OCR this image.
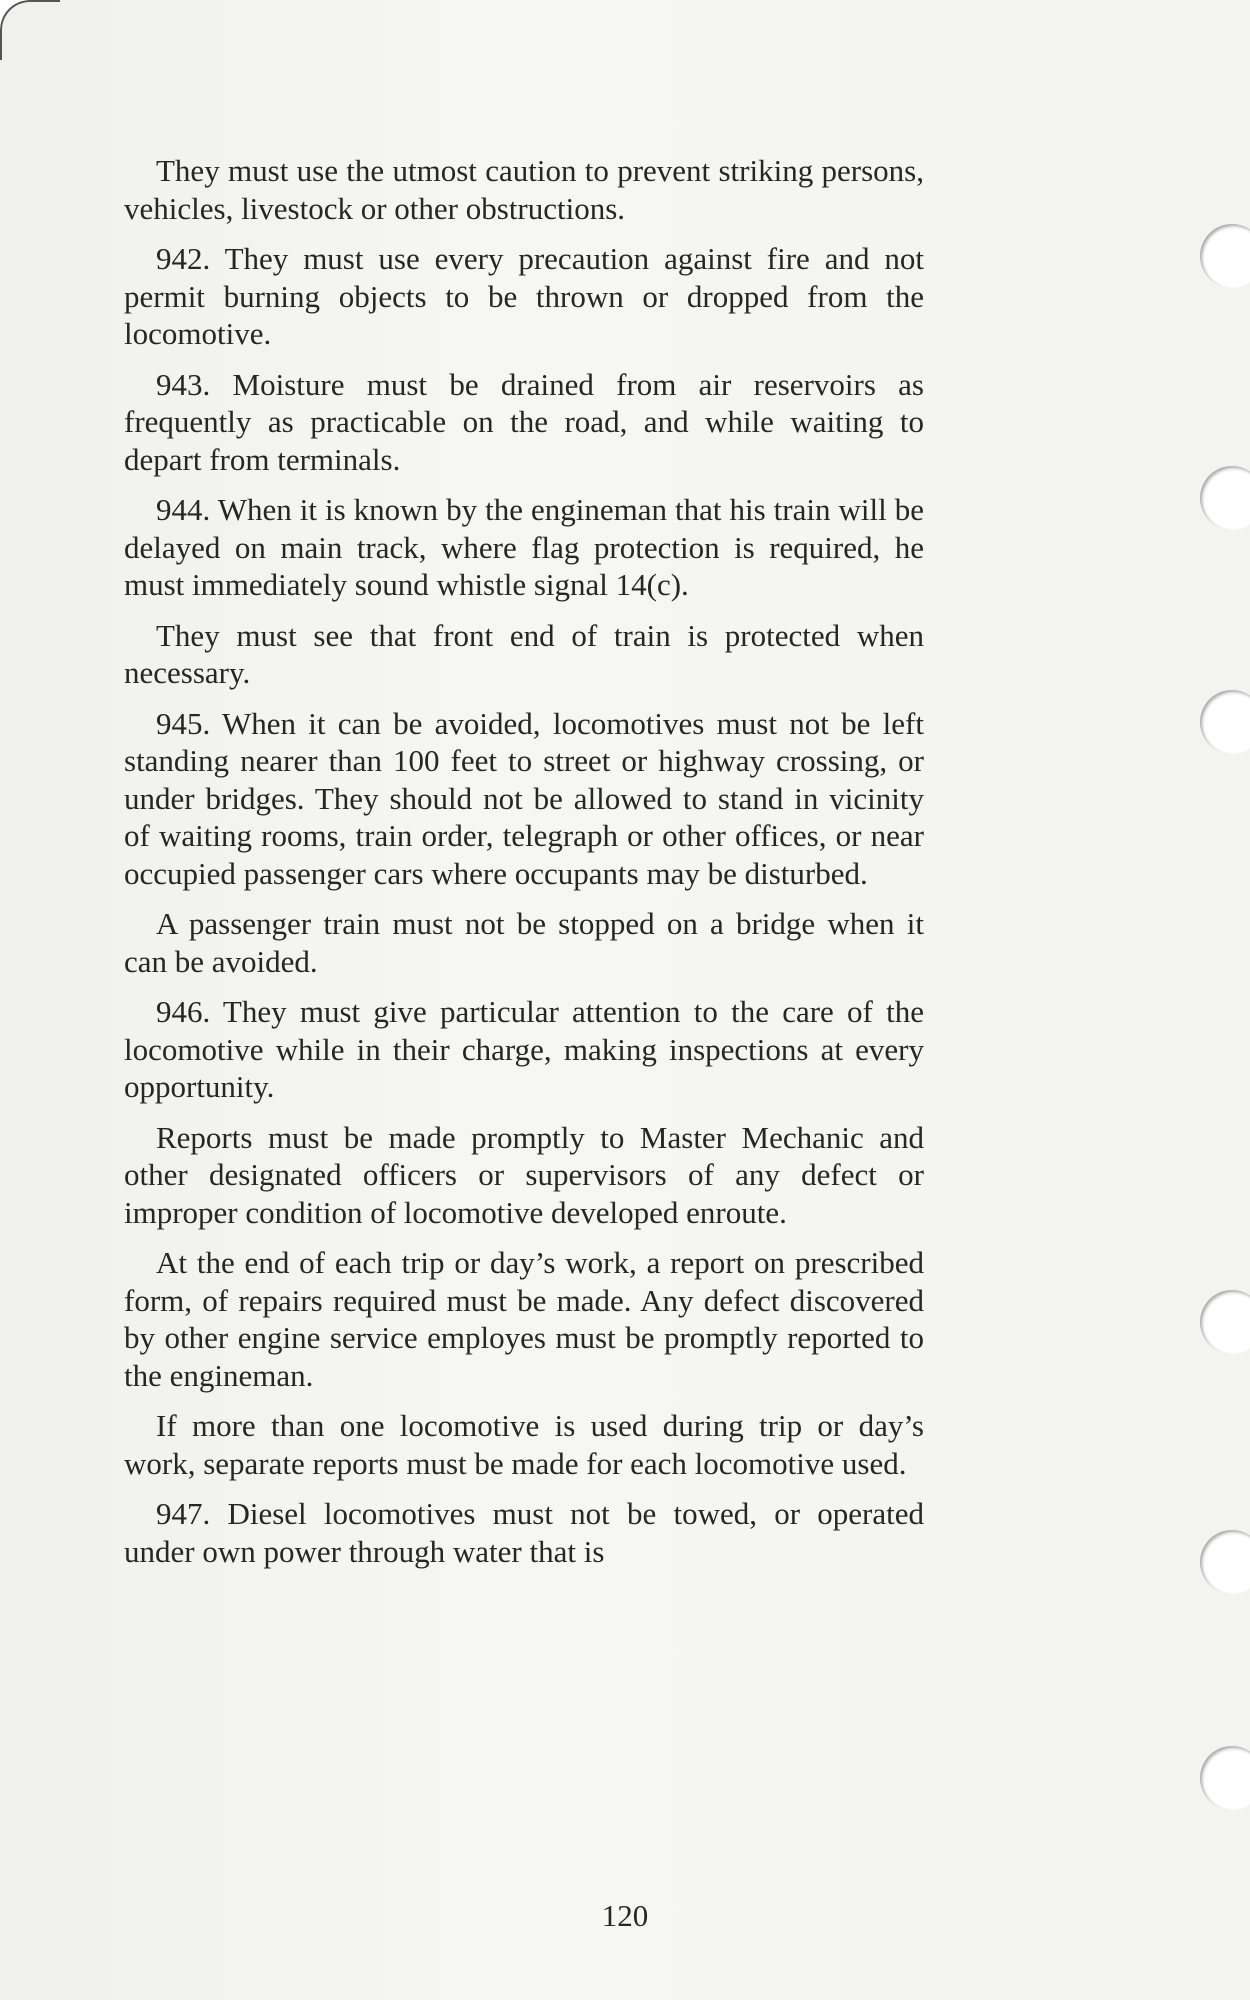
They must use the utmost caution to prevent striking persons, vehicles, livestock or other obstructions.

942. They must use every precaution against fire and not permit burning objects to be thrown or dropped from the locomotive.

943. Moisture must be drained from air reservoirs as frequently as practicable on the road, and while waiting to depart from terminals.

944. When it is known by the engineman that his train will be delayed on main track, where flag protection is required, he must immediately sound whistle signal 14(c).

They must see that front end of train is protected when necessary.

945. When it can be avoided, locomotives must not be left standing nearer than 100 feet to street or highway crossing, or under bridges. They should not be allowed to stand in vicinity of waiting rooms, train order, telegraph or other offices, or near occupied passenger cars where occupants may be disturbed.

A passenger train must not be stopped on a bridge when it can be avoided.

946. They must give particular attention to the care of the locomotive while in their charge, making inspections at every opportunity.

Reports must be made promptly to Master Mechanic and other designated officers or supervisors of any defect or improper condition of locomotive developed enroute.

At the end of each trip or day’s work, a report on prescribed form, of repairs required must be made. Any defect discovered by other engine service employes must be promptly reported to the engineman.

If more than one locomotive is used during trip or day’s work, separate reports must be made for each locomotive used.

947. Diesel locomotives must not be towed, or operated under own power through water that is

120
